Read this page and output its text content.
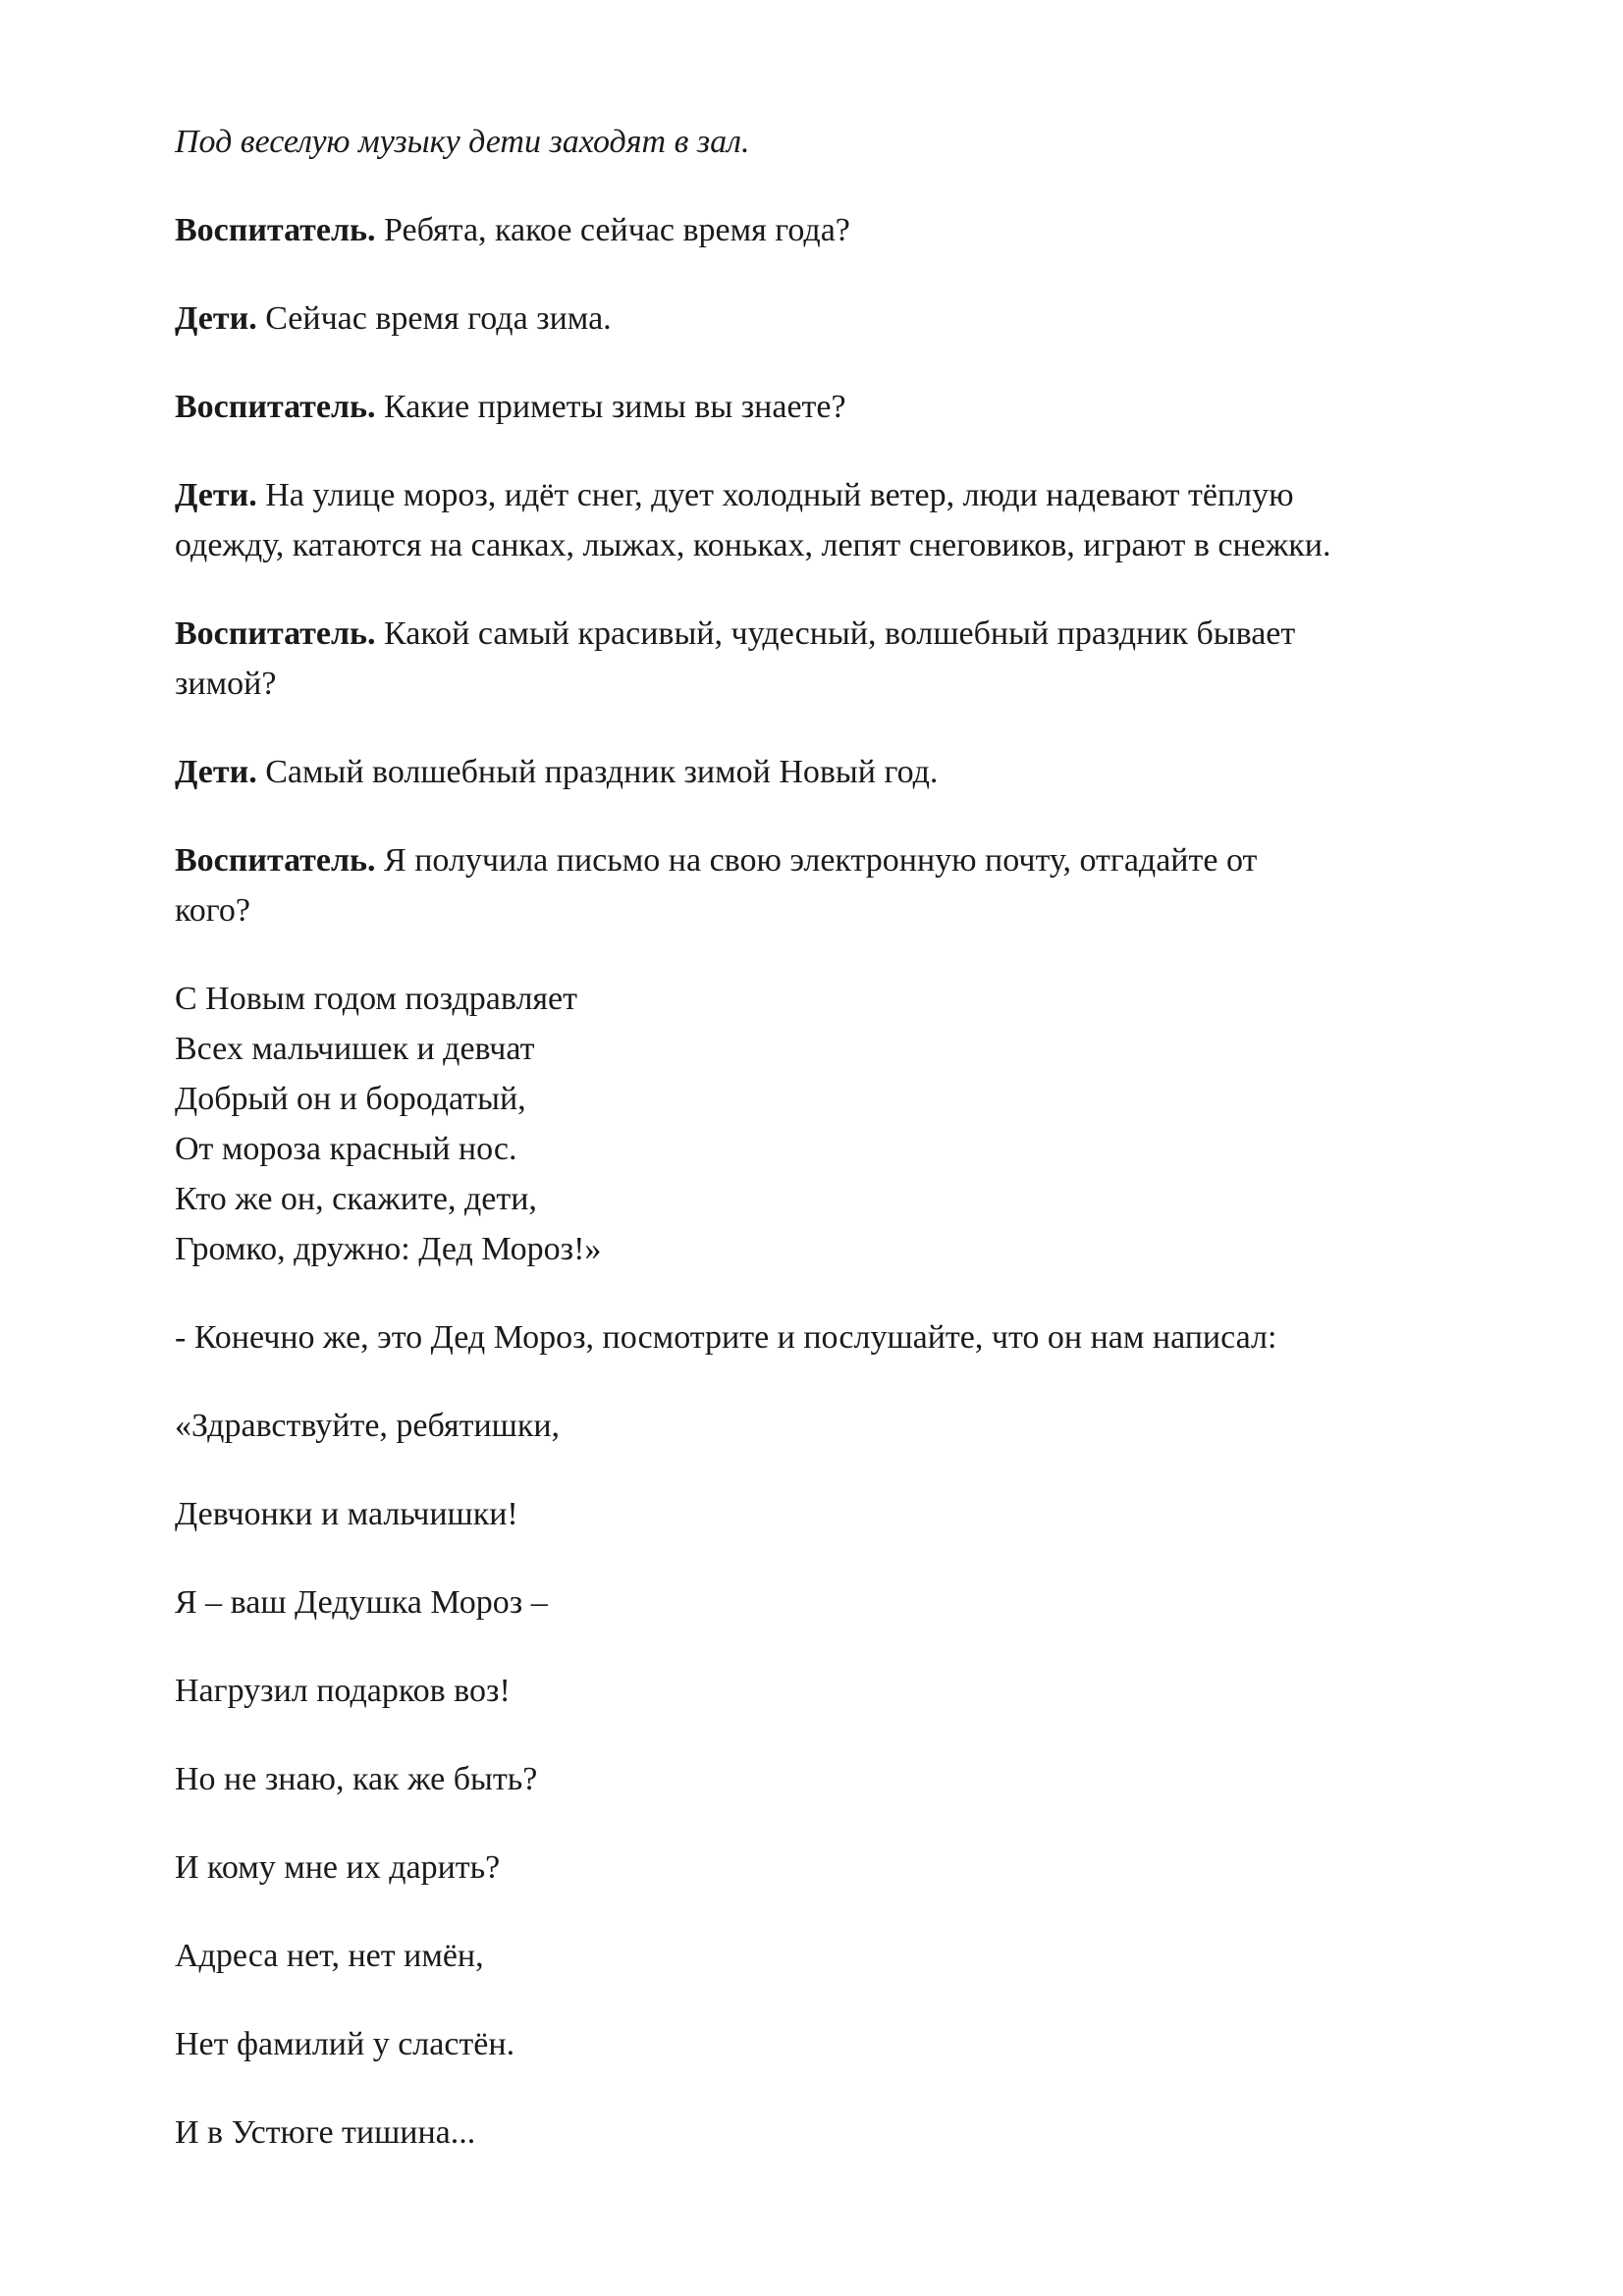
Под веселую музыку дети заходят в зал.
Воспитатель. Ребята, какое сейчас время года?
Дети. Сейчас время года зима.
Воспитатель. Какие приметы зимы вы знаете?
Дети. На улице мороз, идёт снег, дует холодный ветер, люди надевают тёплую
одежду, катаются на санках, лыжах, коньках, лепят снеговиков, играют в снежки.
Воспитатель. Какой самый красивый, чудесный, волшебный праздник бывает
зимой?
Дети. Самый волшебный праздник зимой Новый год.
Воспитатель. Я получила письмо на свою электронную почту, отгадайте от
кого?
С Новым годом поздравляет
Всех мальчишек и девчат
Добрый он и бородатый,
От мороза красный нос.
Кто же он, скажите, дети,
Громко, дружно: Дед Мороз!»
- Конечно же, это Дед Мороз, посмотрите и послушайте, что он нам написал:
«Здравствуйте, ребятишки,
Девчонки и мальчишки!
Я – ваш Дедушка Мороз –
Нагрузил подарков воз!
Но не знаю, как же быть?
И кому мне их дарить?
Адреса нет, нет имён,
Нет фамилий у сластён.
И в Устюге тишина...
